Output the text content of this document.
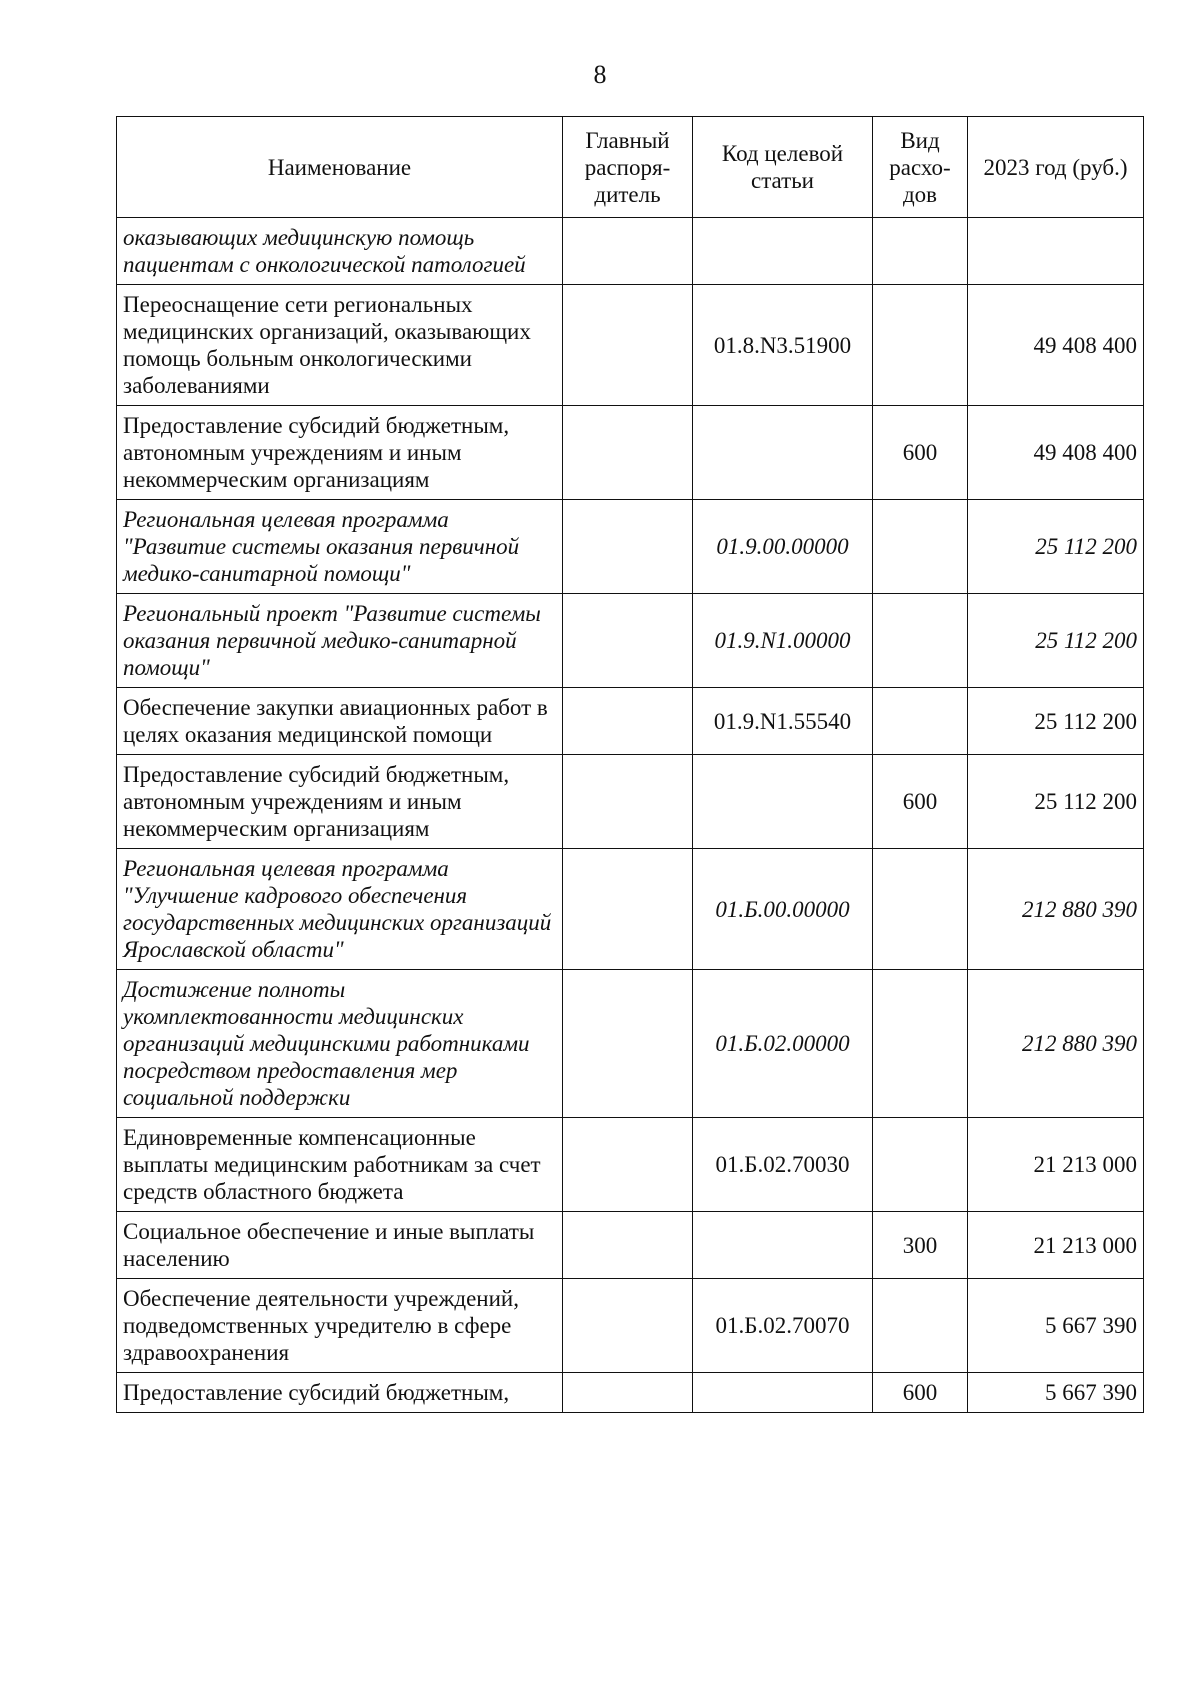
8
Наименование	Главный распоря-дитель	Код целевой статьи	Вид расхо-дов	2023 год (руб.)
оказывающих медицинскую помощь пациентам с онкологической патологией				
Переоснащение сети региональных медицинских организаций, оказывающих помощь больным онкологическими заболеваниями		01.8.N3.51900		49 408 400
Предоставление субсидий бюджетным, автономным учреждениям и иным некоммерческим организациям			600	49 408 400
Региональная целевая программа "Развитие системы оказания первичной медико-санитарной помощи"		01.9.00.00000		25 112 200
Региональный проект "Развитие системы оказания первичной медико-санитарной помощи"		01.9.N1.00000		25 112 200
Обеспечение закупки авиационных работ в целях оказания медицинской помощи		01.9.N1.55540		25 112 200
Предоставление субсидий бюджетным, автономным учреждениям и иным некоммерческим организациям			600	25 112 200
Региональная целевая программа "Улучшение кадрового обеспечения государственных медицинских организаций Ярославской области"		01.Б.00.00000		212 880 390
Достижение полноты укомплектованности медицинских организаций медицинскими работниками посредством предоставления мер социальной поддержки		01.Б.02.00000		212 880 390
Единовременные компенсационные выплаты медицинским работникам за счет средств областного бюджета		01.Б.02.70030		21 213 000
Социальное обеспечение и иные выплаты населению			300	21 213 000
Обеспечение деятельности учреждений, подведомственных учредителю в сфере здравоохранения		01.Б.02.70070		5 667 390
Предоставление субсидий бюджетным,			600	5 667 390
